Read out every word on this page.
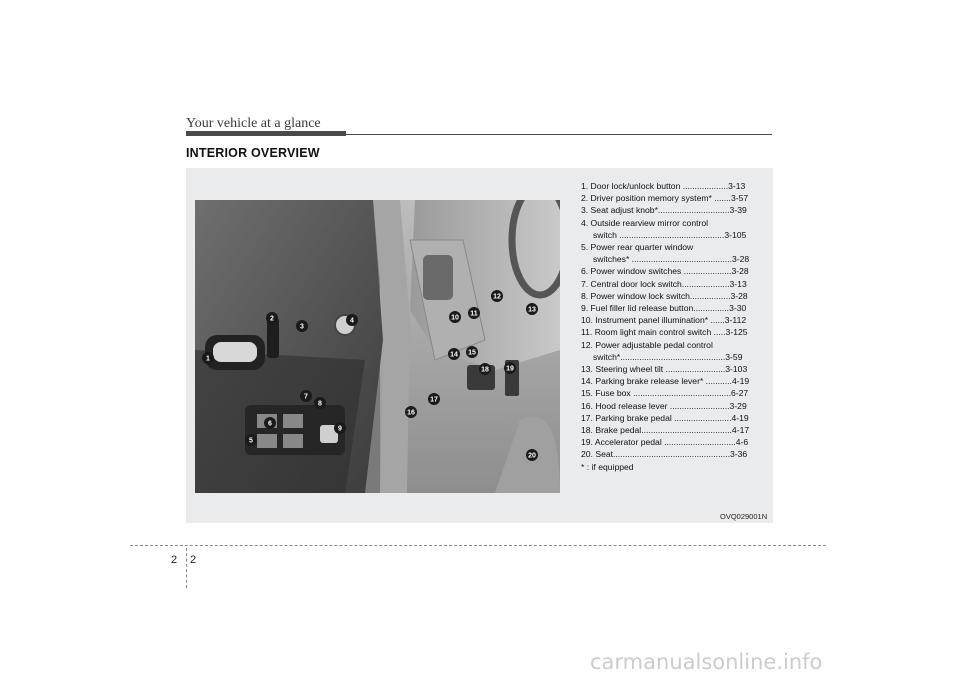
Your vehicle at a glance
INTERIOR OVERVIEW
1
2
3
4
5
6
7
8
9
10
11
12
13
14 15
16
17
18 19
20
1. Door lock/unlock button ...................3-13
2. Driver position memory system* .......3-57
3. Seat adjust knob*..............................3-39
4. Outside rearview mirror control
switch ............................................3-105
5. Power rear quarter window
switches* ..........................................3-28
6. Power window switches ....................3-28
7. Central door lock switch....................3-13
8. Power window lock switch.................3-28
9. Fuel filler lid release button...............3-30
10. Instrument panel illumination* ......3-112
11. Room light main control switch .....3-125
12. Power adjustable pedal control
switch*............................................3-59
13. Steering wheel tilt .........................3-103
14. Parking brake release lever* ...........4-19
15. Fuse box .........................................6-27
16. Hood release lever .........................3-29
17. Parking brake pedal ........................4-19
18. Brake pedal......................................4-17
19. Accelerator pedal ..............................4-6
20. Seat.................................................3-36
* : if equipped
OVQ029001N
2 2
carmanualsonline.info
